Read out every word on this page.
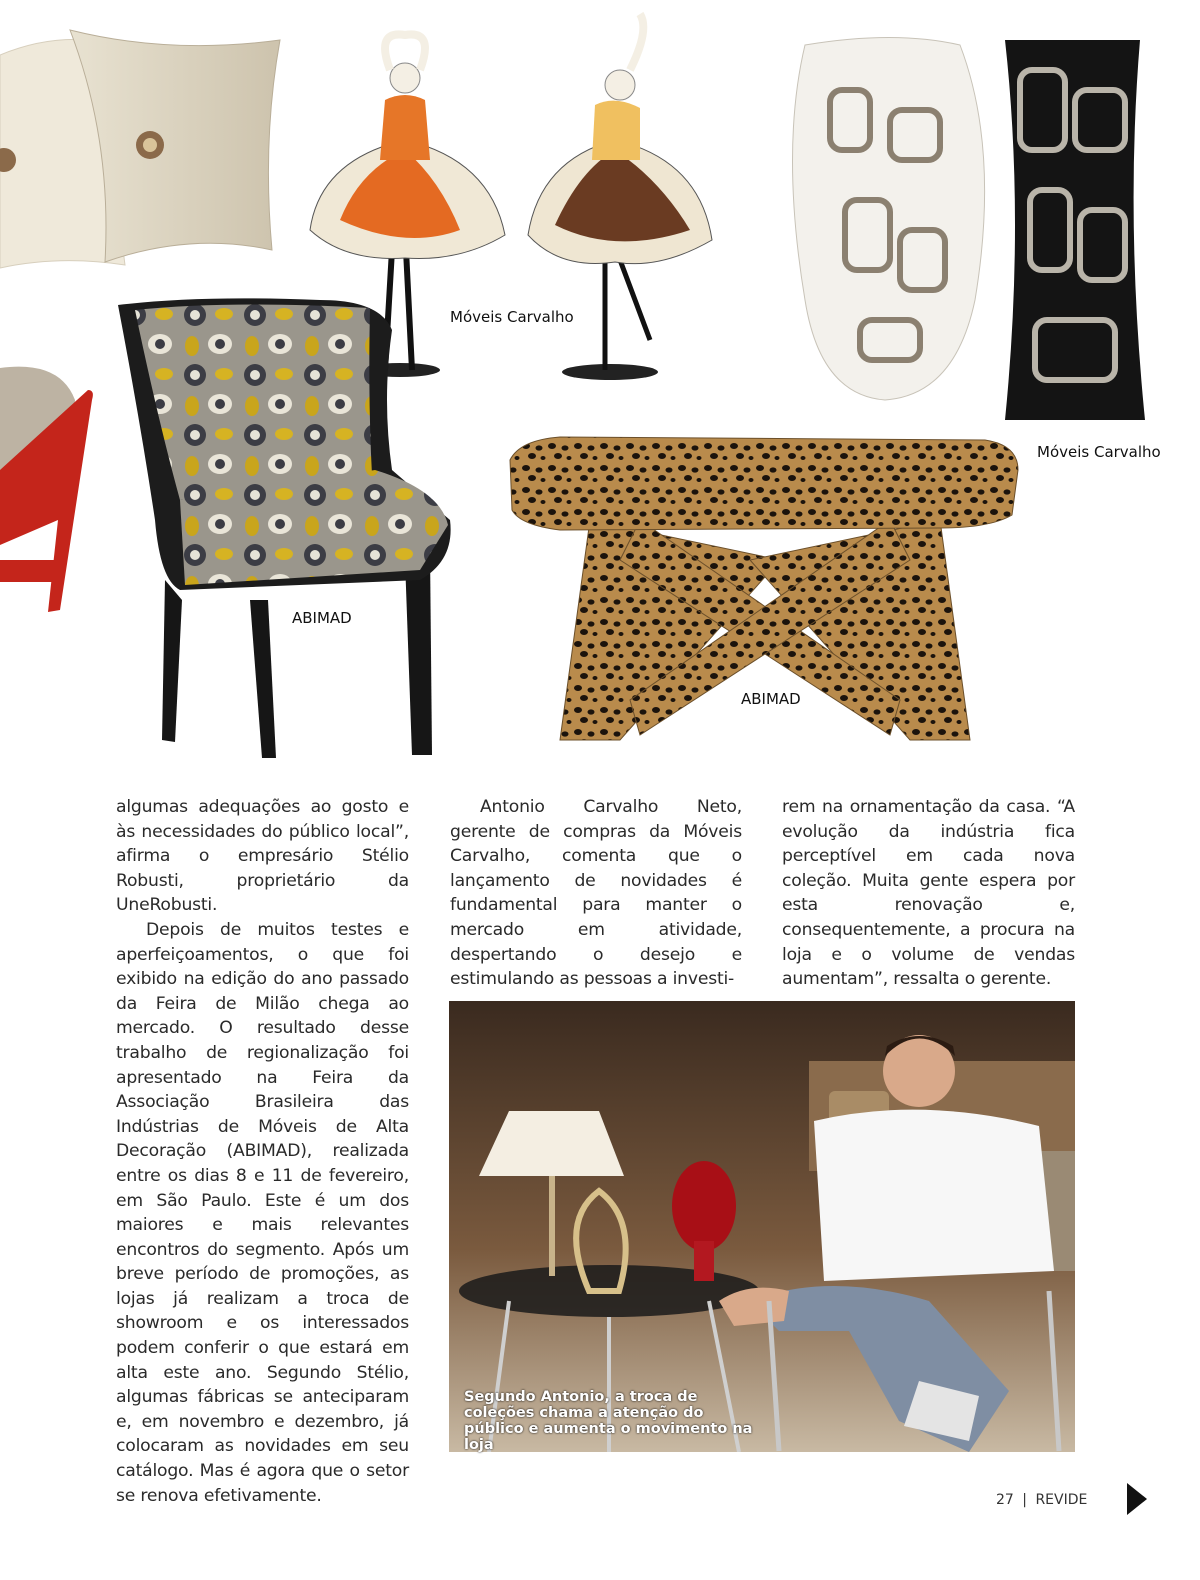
Móveis Carvalho
Móveis Carvalho
ABIMAD
ABIMAD

algumas adequações ao gosto e às necessidades do público local”, afirma o empresário Stélio Robusti, proprietário da UneRobusti.

Depois de muitos testes e aperfeiçoamentos, o que foi exibido na edição do ano passado da Feira de Milão chega ao mercado. O resultado desse trabalho de regionalização foi apresentado na Feira da Associação Brasileira das Indústrias de Móveis de Alta Decoração (ABIMAD), realizada entre os dias 8 e 11 de fevereiro, em São Paulo. Este é um dos maiores e mais relevantes encontros do segmento. Após um breve período de promoções, as lojas já realizam a troca de showroom e os interessados podem conferir o que estará em alta este ano. Segundo Stélio, algumas fábricas se anteciparam e, em novembro e dezembro, já colocaram as novidades em seu catálogo. Mas é agora que o setor se renova efetivamente.

Antonio Carvalho Neto, gerente de compras da Móveis Carvalho, comenta que o lançamento de novidades é fundamental para manter o mercado em atividade, despertando o desejo e estimulando as pessoas a investi-

rem na ornamentação da casa. “A evolução da indústria fica perceptível em cada nova coleção. Muita gente espera por esta renovação e, consequentemente, a procura na loja e o volume de vendas aumentam”, ressalta o gerente.

Segundo Antonio, a troca de coleções chama a atenção do público e aumenta o movimento na loja
27 | REVIDE
